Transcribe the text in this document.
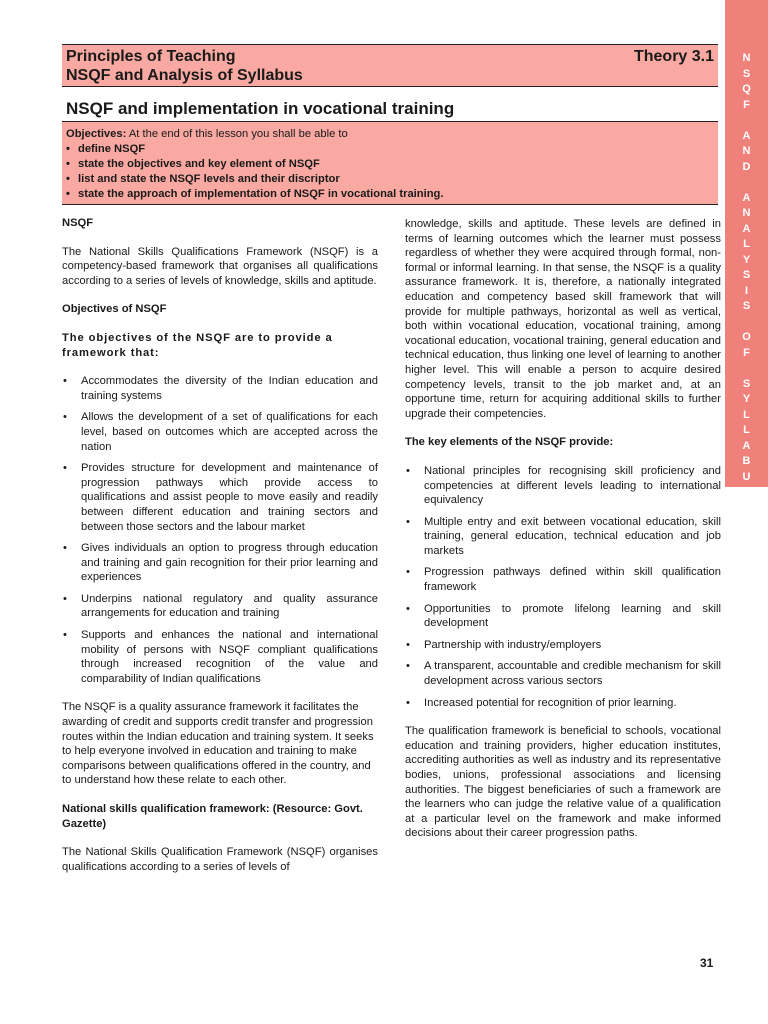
N
S
Q
F

A
N
D

A
N
A
L
Y
S
I
S

O
F

S
Y
L
L
A
B
U
S
Principles of Teaching
NSQF and Analysis of Syllabus
Theory 3.1
NSQF and implementation in vocational training
Objectives: At the end of this lesson you shall be able to
• define NSQF
• state the objectives and key element of NSQF
• list and state the NSQF levels and their discriptor
• state the approach of implementation of NSQF in vocational training.
NSQF

The National Skills Qualifications Framework (NSQF) is a competency-based framework that organises all qualifications according to a series of levels of knowledge, skills and aptitude.

Objectives of NSQF
The objectives of the NSQF are to provide a framework that:
• Accommodates the diversity of the Indian education and training systems
• Allows the development of a set of qualifications for each level, based on outcomes which are accepted across the nation
• Provides structure for development and maintenance of progression pathways which provide access to qualifications and assist people to move easily and readily between different education and training sectors and between those sectors and the labour market
• Gives individuals an option to progress through education and training and gain recognition for their prior learning and experiences
• Underpins national regulatory and quality assurance arrangements for education and training
• Supports and enhances the national and international mobility of persons with NSQF compliant qualifications through increased recognition of the value and comparability of Indian qualifications

The NSQF is a quality assurance framework it facilitates the awarding of credit and supports credit transfer and progression routes within the Indian education and training system. It seeks to help everyone involved in education and training to make comparisons between qualifications offered in the country, and to understand how these relate to each other.

National skills qualification framework: (Resource: Govt. Gazette)

The National Skills Qualification Framework (NSQF) organises qualifications according to a series of levels of

knowledge, skills and aptitude. These levels are defined in terms of learning outcomes which the learner must possess regardless of whether they were acquired through formal, non-formal or informal learning. In that sense, the NSQF is a quality assurance framework. It is, therefore, a nationally integrated education and competency based skill framework that will provide for multiple pathways, horizontal as well as vertical, both within vocational education, vocational training, among vocational education, vocational training, general education and technical education, thus linking one level of learning to another higher level. This will enable a person to acquire desired competency levels, transit to the job market and, at an opportune time, return for acquiring additional skills to further upgrade their competencies.

The key elements of the NSQF provide:
• National principles for recognising skill proficiency and competencies at different levels leading to international equivalency
• Multiple entry and exit between vocational education, skill training, general education, technical education and job markets
• Progression pathways defined within skill qualification framework
• Opportunities to promote lifelong learning and skill development
• Partnership with industry/employers
• A transparent, accountable and credible mechanism for skill development across various sectors
• Increased potential for recognition of prior learning.

The qualification framework is beneficial to schools, vocational education and training providers, higher education institutes, accrediting authorities as well as industry and its representative bodies, unions, professional associations and licensing authorities. The biggest beneficiaries of such a framework are the learners who can judge the relative value of a qualification at a particular level on the framework and make informed decisions about their career progression paths.

31
